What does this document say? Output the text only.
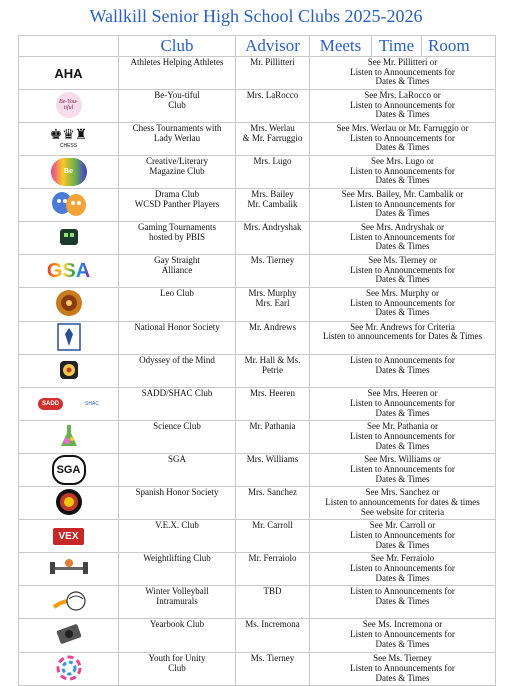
Wallkill Senior High School Clubs 2025-2026
	Club	Advisor	Meets	Time	Room

AHA	Athletes Helping Athletes	Mr. Pillitteri	See Mr. Pillitteri or
Listen to Announcements for
Dates & Times		

Be-You-tiful	Be-You-tiful
Club	Mrs. LaRocco	See Mrs. LaRocco or
Listen to Announcements for
Dates & Times		

♚♛♜
CHESS	Chess Tournaments with
Lady Werlau	Mrs. Werlau
& Mr. Farruggio	See Mrs. Werlau or Mr. Farruggio or
Listen to Announcements for
Dates & Times		

Be	Creative/Literary
Magazine Club	Mrs. Lugo	See Mrs. Lugo or
Listen to Announcements for
Dates & Times		

Drama Club
WCSD Panther Players	Mrs. Bailey
Mr. Cambalik	See Mrs. Bailey, Mr. Cambalik or
Listen to Announcements for
Dates & Times		

Gaming Tournaments
hosted by PBIS	Mrs. Andryshak	See Mrs. Andryshak or
Listen to Announcements for
Dates & Times		

GSA	Gay Straight
Alliance	Ms. Tierney	See Ms. Tierney or
Listen to Announcements for
Dates & Times		

Leo Club	Mrs. Murphy
Mrs. Earl	See Mrs. Murphy or
Listen to Announcements for
Dates & Times		

National Honor Society	Mr. Andrews	See Mr. Andrews for Criteria
Listen to announcements for Dates & Times		

Odyssey of the Mind	Mr. Hall & Ms.
Petrie	Listen to Announcements for
Dates & Times		

SADD SHAC	SADD/SHAC Club	Mrs. Heeren	See Mrs. Heeren or
Listen to Announcements for
Dates & Times		

Science Club	Mr. Pathania	See Mr. Pathania or
Listen to Announcements for
Dates & Times		

SGA	SGA	Mrs. Williams	See Mrs. Williams or
Listen to Announcements for
Dates & Times		

Spanish Honor Society	Mrs. Sanchez	See Mrs. Sanchez or
Listen to announcements for dates & times
See website for criteria		

VEX	V.E.X. Club	Mr. Carroll	See Mr. Carroll or
Listen to Announcements for
Dates & Times		

Weightlifting Club	Mr. Ferraiolo	See Mr. Ferraiolo
Listen to Announcements for
Dates & Times		

Winter Volleyball
Intramurals	TBD	Listen to Announcements for
Dates & Times		

Yearbook Club	Ms. Incremona	See Ms. Incremona or
Listen to Announcements for
Dates & Times		

Youth for Unity
Club	Ms. Tierney	See Ms. Tierney
Listen to Announcements for
Dates & Times		
